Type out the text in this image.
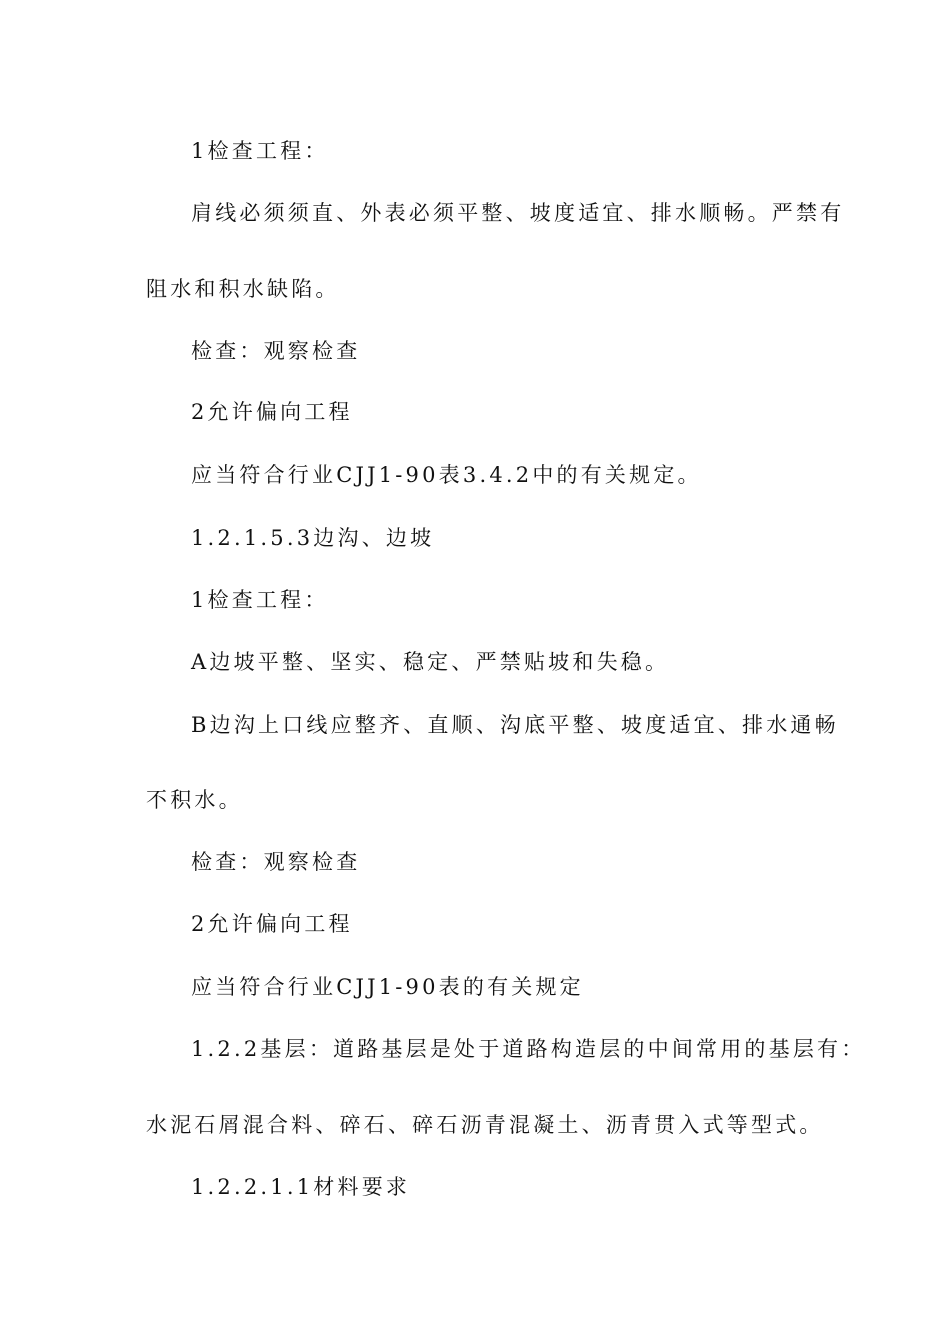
1检查工程：

肩线必须须直、外表必须平整、坡度适宜、排水顺畅。严禁有

阻水和积水缺陷。

检查：观察检查

2允许偏向工程

应当符合行业CJJ1-90表3.4.2中的有关规定。

1.2.1.5.3边沟、边坡

1检查工程：

A边坡平整、坚实、稳定、严禁贴坡和失稳。

B边沟上口线应整齐、直顺、沟底平整、坡度适宜、排水通畅

不积水。

检查：观察检查

2允许偏向工程

应当符合行业CJJ1-90表的有关规定

1.2.2基层：道路基层是处于道路构造层的中间常用的基层有：

水泥石屑混合料、碎石、碎石沥青混凝土、沥青贯入式等型式。

1.2.2.1.1材料要求
